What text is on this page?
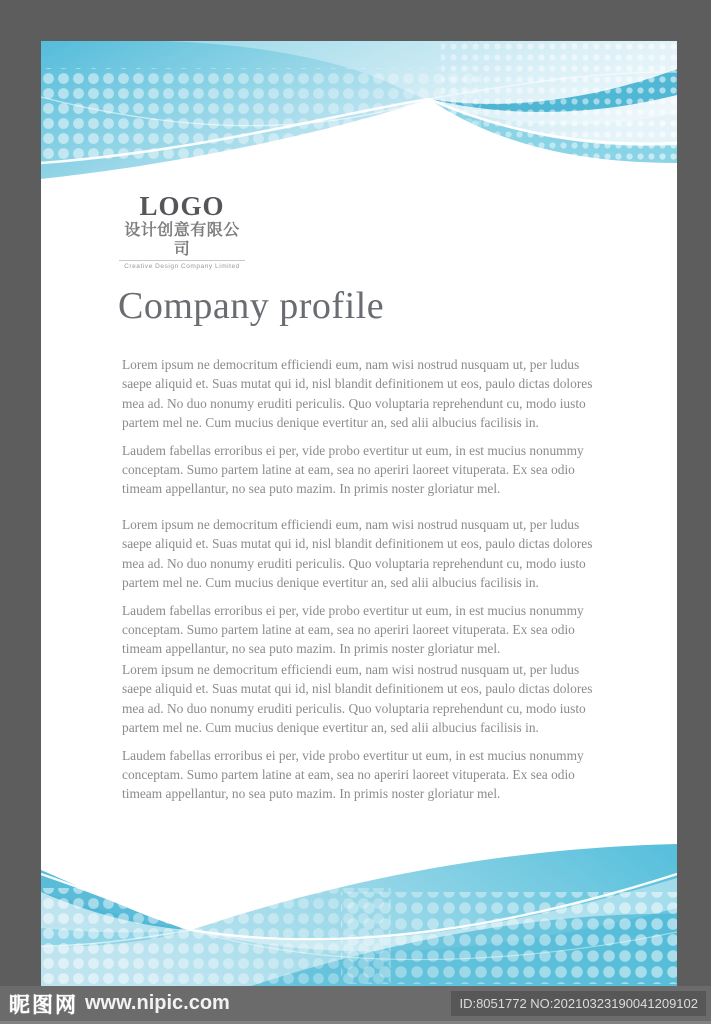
LOGO
设计创意有限公司
Creative Design Company Limited
Company profile

Lorem ipsum ne democritum efficiendi eum, nam wisi nostrud nusquam ut, per ludus saepe aliquid et. Suas mutat qui id, nisl blandit definitionem ut eos, paulo dictas dolores mea ad. No duo nonumy eruditi periculis. Quo voluptaria reprehendunt cu, modo iusto partem mel ne. Cum mucius denique evertitur an, sed alii albucius facilisis in.

Laudem fabellas erroribus ei per, vide probo evertitur ut eum, in est mucius nonummy conceptam. Sumo partem latine at eam, sea no aperiri laoreet vituperata. Ex sea odio timeam appellantur, no sea puto mazim. In primis noster gloriatur mel.

Lorem ipsum ne democritum efficiendi eum, nam wisi nostrud nusquam ut, per ludus saepe aliquid et. Suas mutat qui id, nisl blandit definitionem ut eos, paulo dictas dolores mea ad. No duo nonumy eruditi periculis. Quo voluptaria reprehendunt cu, modo iusto partem mel ne. Cum mucius denique evertitur an, sed alii albucius facilisis in.

Laudem fabellas erroribus ei per, vide probo evertitur ut eum, in est mucius nonummy conceptam. Sumo partem latine at eam, sea no aperiri laoreet vituperata. Ex sea odio timeam appellantur, no sea puto mazim. In primis noster gloriatur mel.

Lorem ipsum ne democritum efficiendi eum, nam wisi nostrud nusquam ut, per ludus saepe aliquid et. Suas mutat qui id, nisl blandit definitionem ut eos, paulo dictas dolores mea ad. No duo nonumy eruditi periculis. Quo voluptaria reprehendunt cu, modo iusto partem mel ne. Cum mucius denique evertitur an, sed alii albucius facilisis in.

Laudem fabellas erroribus ei per, vide probo evertitur ut eum, in est mucius nonummy conceptam. Sumo partem latine at eam, sea no aperiri laoreet vituperata. Ex sea odio timeam appellantur, no sea puto mazim. In primis noster gloriatur mel.

昵图网 www.nipic.com	ID:8051772 NO:20210323190041209102
